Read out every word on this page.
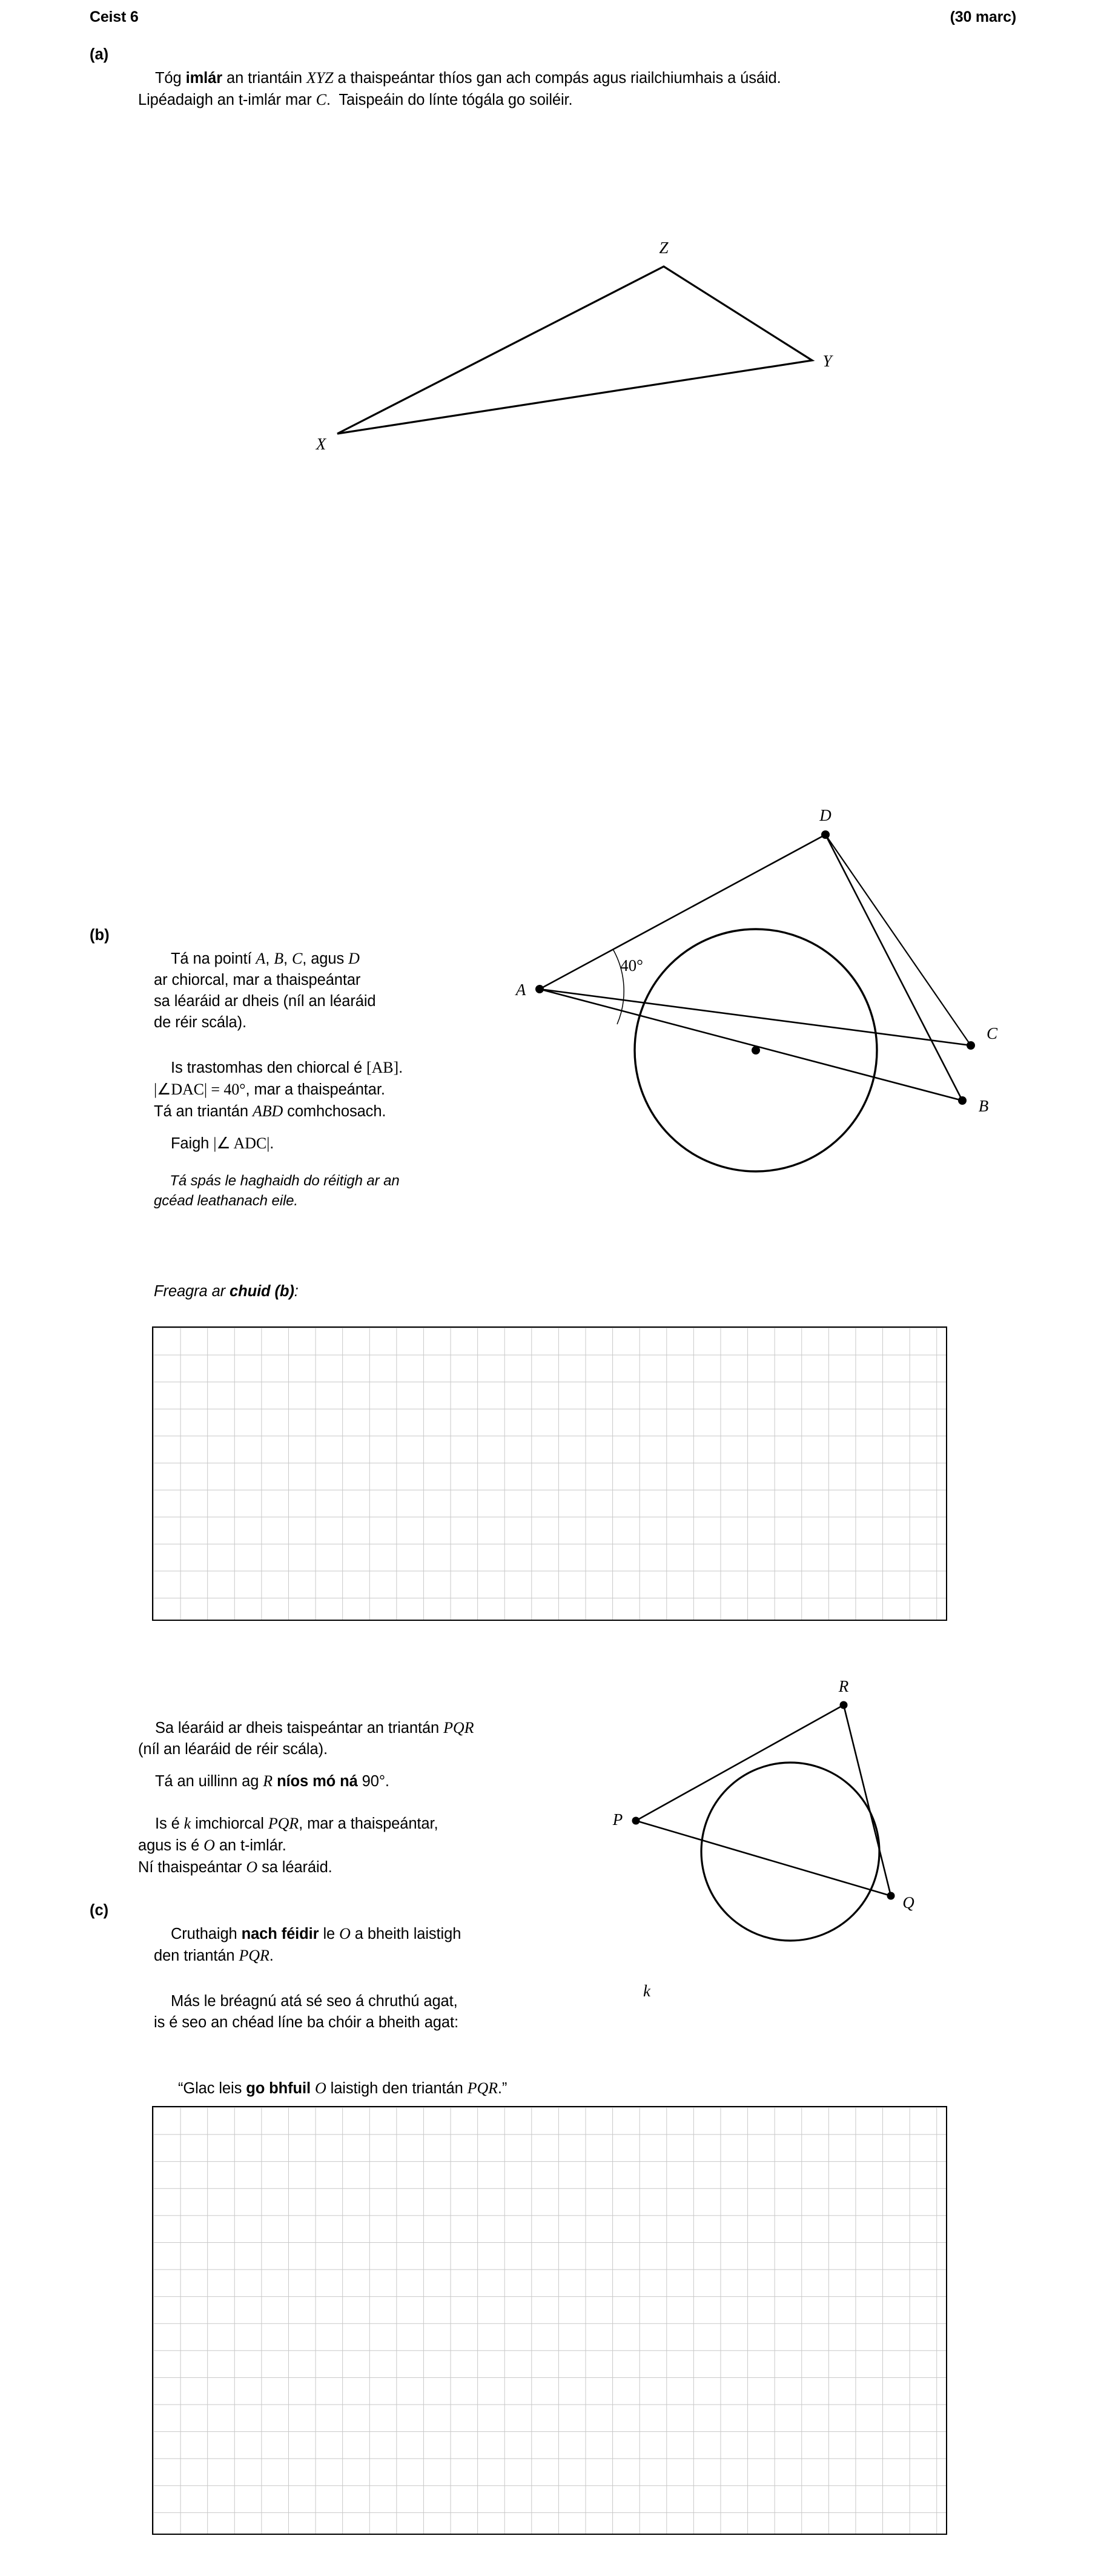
Ceist 6	(30 marc)
(a)

Tóg imlár an triantáin XYZ a thaispeántar thíos gan ach compás agus riailchiumhais a úsáid.
Lipéadaigh an t-imlár mar C.  Taispeáin do línte tógála go soiléir.

X
Y
Z
(b)

Tá na pointí A, B, C, agus D
ar chiorcal, mar a thaispeántar
sa léaráid ar dheis (níl an léaráid
de réir scála).

Is trastomhas den chiorcal é [AB].
|∠DAC| = 40°, mar a thaispeántar.
Tá an triantán ABD comhchosach.

Faigh |∠ ADC|.

Tá spás le haghaidh do réitigh ar an
gcéad leathanach eile.

A
B
C
D
40°
Freagra ar chuid (b):

Sa léaráid ar dheis taispeántar an triantán PQR
(níl an léaráid de réir scála).

Tá an uillinn ag R níos mó ná 90°.

Is é k imchiorcal PQR, mar a thaispeántar,
agus is é O an t-imlár.
Ní thaispeántar O sa léaráid.

P
Q
R
k
(c)

Cruthaigh nach féidir le O a bheith laistigh
den triantán PQR.

Más le bréagnú atá sé seo á chruthú agat,
is é seo an chéad líne ba chóir a bheith agat:

“Glac leis go bhfuil O laistigh den triantán PQR.”
